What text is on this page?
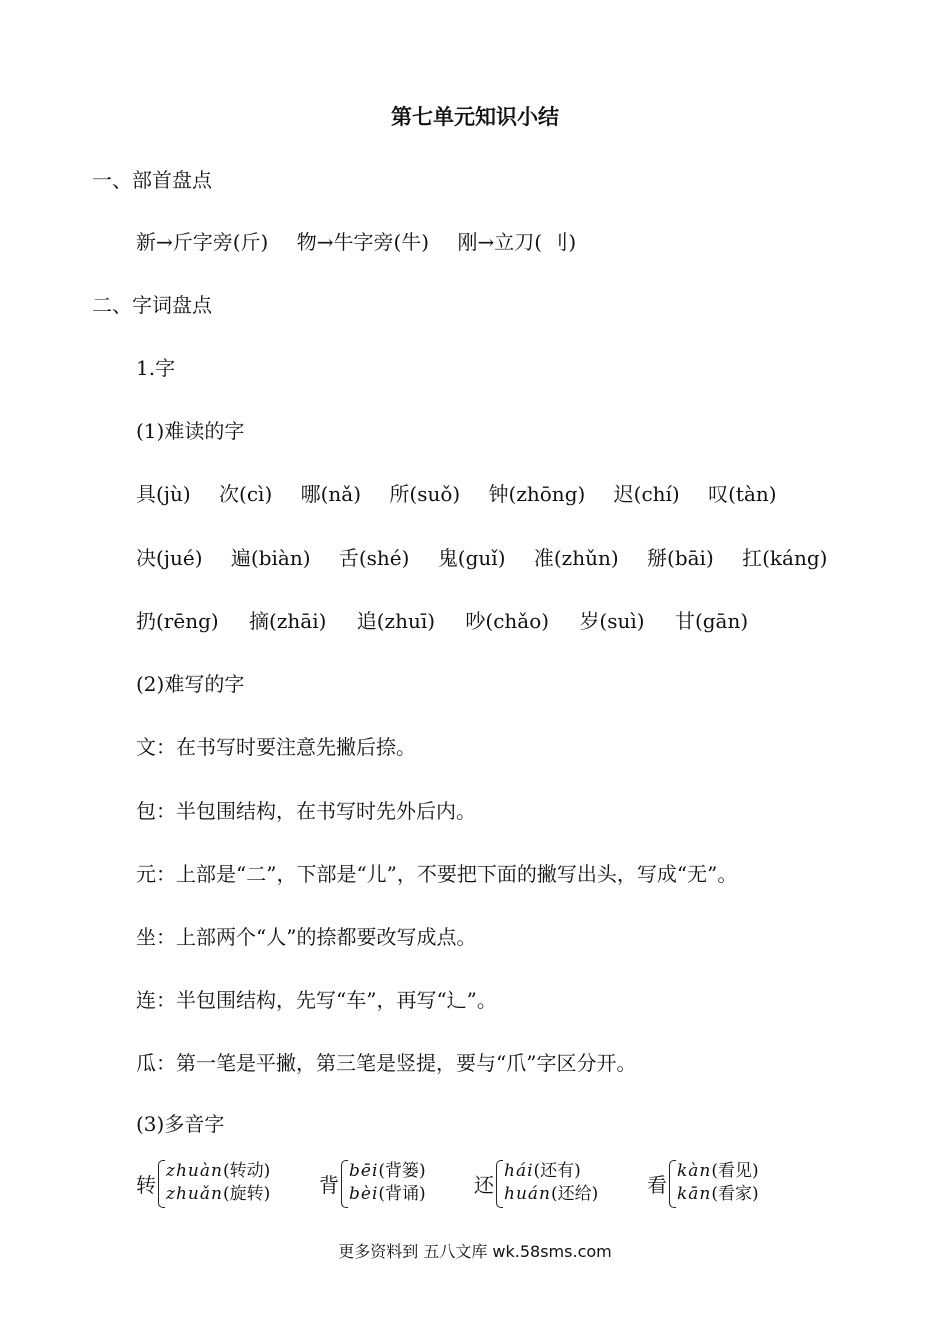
第七单元知识小结
一、部首盘点
新→斤字旁(斤) 物→牛字旁(牛) 刚→立刀( 刂)
二、字词盘点
1.字
(1)难读的字
具(jù) 次(cì) 哪(nǎ) 所(suǒ) 钟(zhōng) 迟(chí) 叹(tàn)
决(jué) 遍(biàn) 舌(shé) 鬼(guǐ) 准(zhǔn) 掰(bāi) 扛(káng)
扔(rēng) 摘(zhāi) 追(zhuī) 吵(chǎo) 岁(suì) 甘(gān)
(2)难写的字
文：在书写时要注意先撇后捺。
包：半包围结构，在书写时先外后内。
元：上部是“二”，下部是“儿”，不要把下面的撇写出头，写成“无”。
坐：上部两个“人”的捺都要改写成点。
连：半包围结构，先写“车”，再写“辶”。
瓜：第一笔是平撇，第三笔是竖提，要与“爪”字区分开。
(3)多音字
转
zhuàn(转动)
zhuǎn(旋转) 背
bēi(背篓)
bèi(背诵) 还
hái(还有)
huán(还给) 看
kàn(看见)
kān(看家)
更多资料到 五八文库 wk.58sms.com
